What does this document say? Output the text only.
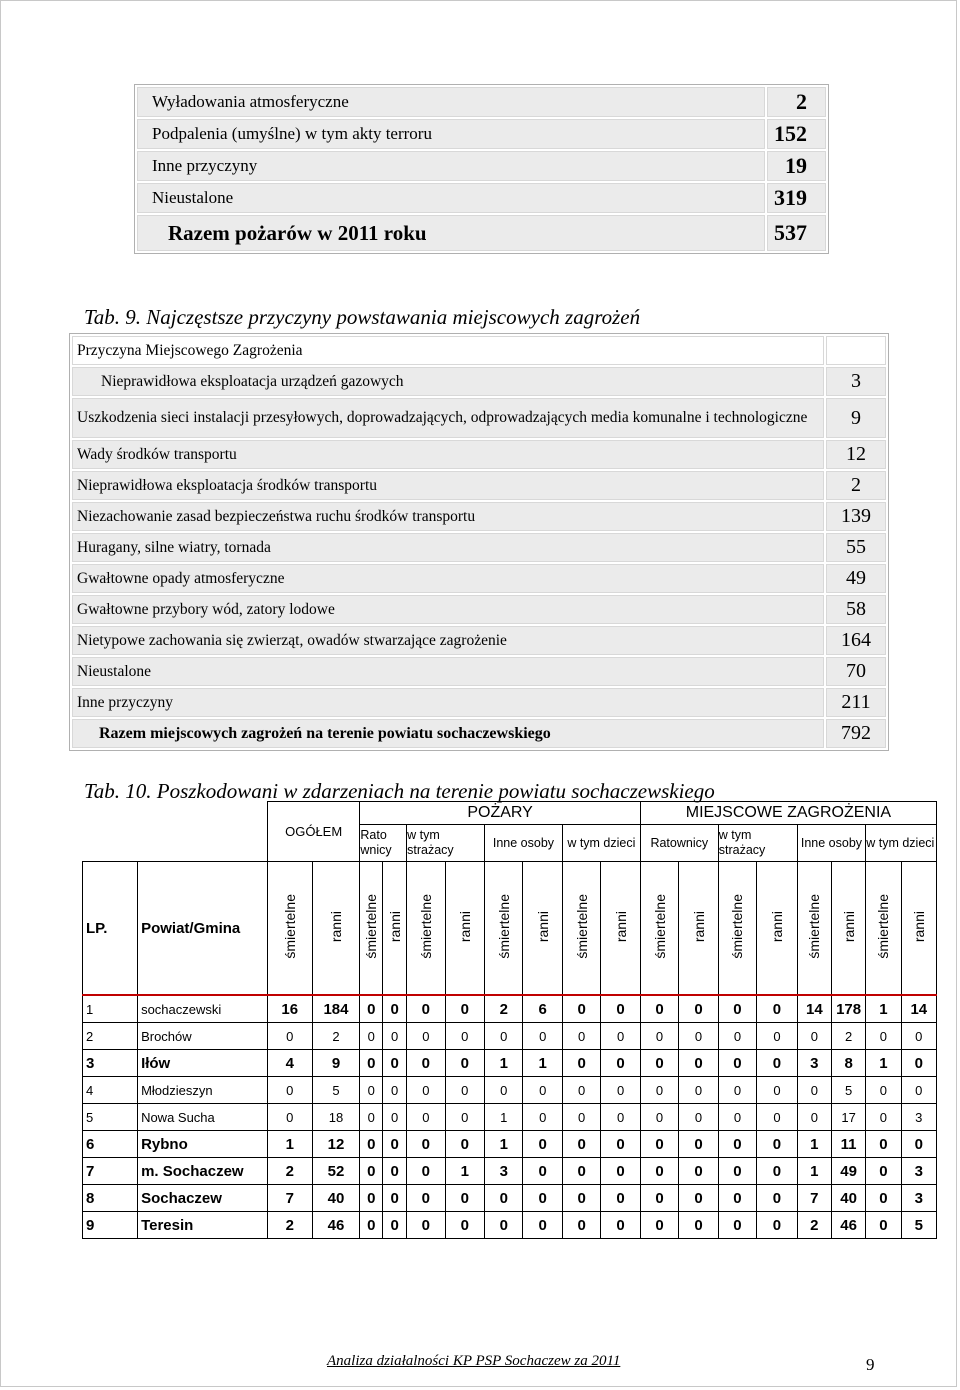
Wyładowania atmosferyczne	2
Podpalenia (umyślne) w tym akty terroru	152
Inne przyczyny	19
Nieustalone	319
Razem pożarów w 2011 roku	537
Tab. 9. Najczęstsze przyczyny powstawania miejscowych zagrożeń
Przyczyna Miejscowego Zagrożenia	
Nieprawidłowa eksploatacja urządzeń gazowych	3
Uszkodzenia sieci instalacji przesyłowych, doprowadzających, odprowadzających media komunalne i technologiczne	9
Wady środków transportu	12
Nieprawidłowa eksploatacja środków transportu	2
Niezachowanie zasad bezpieczeństwa ruchu środków transportu	139
Huragany, silne wiatry, tornada	55
Gwałtowne opady atmosferyczne	49
Gwałtowne przybory wód, zatory lodowe	58
Nietypowe zachowania się zwierząt, owadów stwarzające zagrożenie	164
Nieustalone	70
Inne przyczyny	211
Razem miejscowych zagrożeń na terenie powiatu sochaczewskiego	792
Tab. 10. Poszkodowani w zdarzeniach na terenie powiatu sochaczewskiego
		OGÓŁEM		POŻARY								MIEJSCOWE ZAGROŻENIA							
				Rato wnicy		w tym strażacy		Inne osoby		w tym dzieci		Ratownicy		w tym strażacy		Inne osoby		w tym dzieci	
LP.	Powiat/Gmina	śmiertelne	ranni	śmiertelne	ranni	śmiertelne	ranni	śmiertelne	ranni	śmiertelne	ranni	śmiertelne	ranni	śmiertelne	ranni	śmiertelne	ranni	śmiertelne	ranni
1	sochaczewski	16	184	0	0	0	0	2	6	0	0	0	0	0	0	14	178	1	14
2	Brochów	0	2	0	0	0	0	0	0	0	0	0	0	0	0	0	2	0	0
3	Iłów	4	9	0	0	0	0	1	1	0	0	0	0	0	0	3	8	1	0
4	Młodzieszyn	0	5	0	0	0	0	0	0	0	0	0	0	0	0	0	5	0	0
5	Nowa Sucha	0	18	0	0	0	0	1	0	0	0	0	0	0	0	0	17	0	3
6	Rybno	1	12	0	0	0	0	1	0	0	0	0	0	0	0	1	11	0	0
7	m. Sochaczew	2	52	0	0	0	1	3	0	0	0	0	0	0	0	1	49	0	3
8	Sochaczew	7	40	0	0	0	0	0	0	0	0	0	0	0	0	7	40	0	3
9	Teresin	2	46	0	0	0	0	0	0	0	0	0	0	0	0	2	46	0	5
Analiza działalności KP PSP Sochaczew za 2011	9
